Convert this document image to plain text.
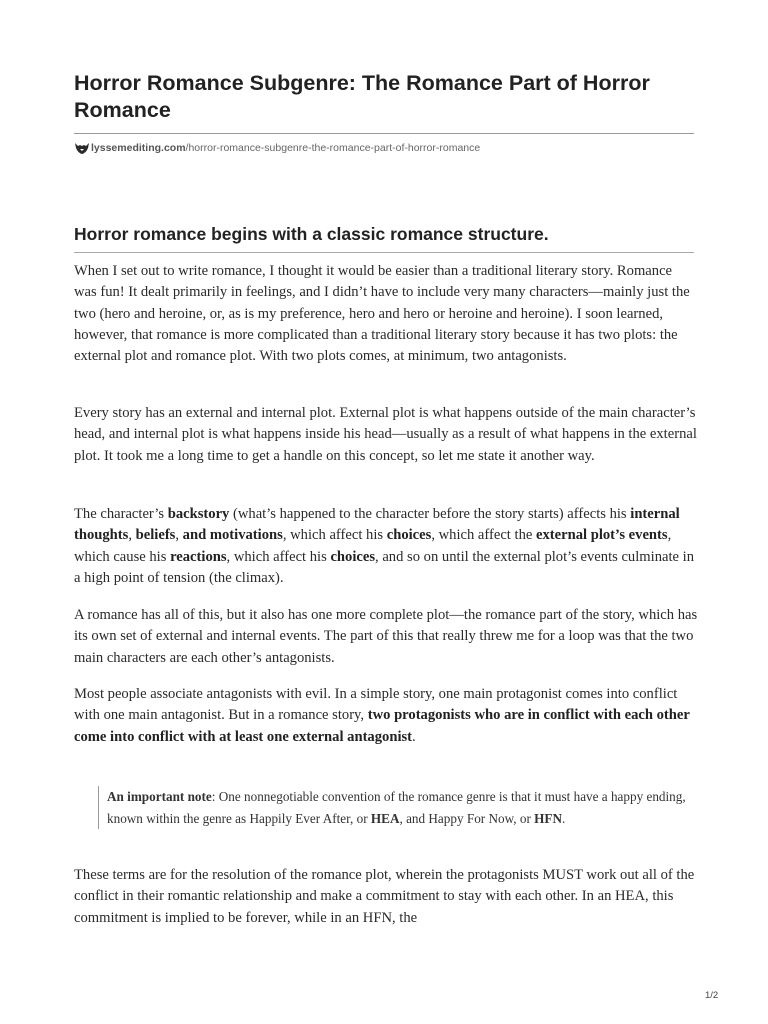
Horror Romance Subgenre: The Romance Part of Horror Romance
lyssemediting.com /horror-romance-subgenre-the-romance-part-of-horror-romance
Horror romance begins with a classic romance structure.

When I set out to write romance, I thought it would be easier than a traditional literary story. Romance was fun! It dealt primarily in feelings, and I didn’t have to include very many characters—mainly just the two (hero and heroine, or, as is my preference, hero and hero or heroine and heroine). I soon learned, however, that romance is more complicated than a traditional literary story because it has two plots: the external plot and romance plot. With two plots comes, at minimum, two antagonists.

Every story has an external and internal plot. External plot is what happens outside of the main character’s head, and internal plot is what happens inside his head—usually as a result of what happens in the external plot. It took me a long time to get a handle on this concept, so let me state it another way.

The character’s backstory (what’s happened to the character before the story starts) affects his internal thoughts, beliefs, and motivations, which affect his choices, which affect the external plot’s events, which cause his reactions, which affect his choices, and so on until the external plot’s events culminate in a high point of tension (the climax).

A romance has all of this, but it also has one more complete plot—the romance part of the story, which has its own set of external and internal events. The part of this that really threw me for a loop was that the two main characters are each other’s antagonists.

Most people associate antagonists with evil. In a simple story, one main protagonist comes into conflict with one main antagonist. But in a romance story, two protagonists who are in conflict with each other come into conflict with at least one external antagonist.

An important note: One nonnegotiable convention of the romance genre is that it must have a happy ending, known within the genre as Happily Ever After, or HEA, and Happy For Now, or HFN.

These terms are for the resolution of the romance plot, wherein the protagonists MUST work out all of the conflict in their romantic relationship and make a commitment to stay with each other. In an HEA, this commitment is implied to be forever, while in an HFN, the

1/2
